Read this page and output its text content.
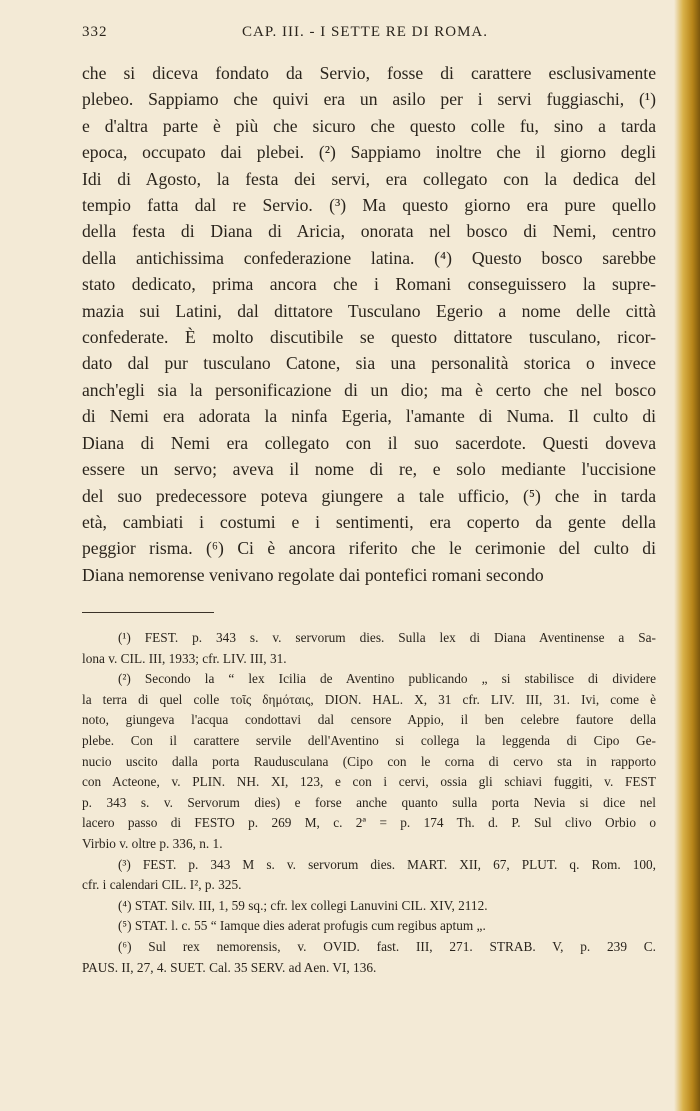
332	CAP. III. - I SETTE RE DI ROMA.
che si diceva fondato da Servio, fosse di carattere esclusivamente
plebeo. Sappiamo che quivi era un asilo per i servi fuggiaschi, (¹)
e d'altra parte è più che sicuro che questo colle fu, sino a tarda
epoca, occupato dai plebei. (²) Sappiamo inoltre che il giorno degli
Idi di Agosto, la festa dei servi, era collegato con la dedica del
tempio fatta dal re Servio. (³) Ma questo giorno era pure quello
della festa di Diana di Aricia, onorata nel bosco di Nemi, centro
della antichissima confederazione latina. (⁴) Questo bosco sarebbe
stato dedicato, prima ancora che i Romani conseguissero la supre-
mazia sui Latini, dal dittatore Tusculano Egerio a nome delle città
confederate. È molto discutibile se questo dittatore tusculano, ricor-
dato dal pur tusculano Catone, sia una personalità storica o invece
anch'egli sia la personificazione di un dio; ma è certo che nel bosco
di Nemi era adorata la ninfa Egeria, l'amante di Numa. Il culto di
Diana di Nemi era collegato con il suo sacerdote. Questi doveva
essere un servo; aveva il nome di re, e solo mediante l'uccisione
del suo predecessore poteva giungere a tale ufficio, (⁵) che in tarda
età, cambiati i costumi e i sentimenti, era coperto da gente della
peggior risma. (⁶) Ci è ancora riferito che le cerimonie del culto di
Diana nemorense venivano regolate dai pontefici romani secondo
(¹) FEST. p. 343 s. v. servorum dies. Sulla lex di Diana Aventinense a Sa-
lona v. CIL. III, 1933; cfr. LIV. III, 31.
(²) Secondo la “ lex Icilia de Aventino publicando „ si stabilisce di dividere
la terra di quel colle τοῖς δημόταις, DION. HAL. X, 31 cfr. LIV. III, 31. Ivi, come è
noto, giungeva l'acqua condottavi dal censore Appio, il ben celebre fautore della
plebe. Con il carattere servile dell'Aventino si collega la leggenda di Cipo Ge-
nucio uscito dalla porta Raudusculana (Cipo con le corna di cervo sta in rapporto
con Acteone, v. PLIN. NH. XI, 123, e con i cervi, ossia gli schiavi fuggiti, v. FEST
p. 343 s. v. Servorum dies) e forse anche quanto sulla porta Nevia si dice nel
lacero passo di FESTO p. 269 M, c. 2ª = p. 174 Th. d. P. Sul clivo Orbio o
Virbio v. oltre p. 336, n. 1.
(³) FEST. p. 343 M s. v. servorum dies. MART. XII, 67, PLUT. q. Rom. 100,
cfr. i calendari CIL. I², p. 325.
(⁴) STAT. Silv. III, 1, 59 sq.; cfr. lex collegi Lanuvini CIL. XIV, 2112.
(⁵) STAT. l. c. 55 “ Iamque dies aderat profugis cum regibus aptum „.
(⁶) Sul rex nemorensis, v. OVID. fast. III, 271. STRAB. V, p. 239 C.
PAUS. II, 27, 4. SUET. Cal. 35 SERV. ad Aen. VI, 136.
